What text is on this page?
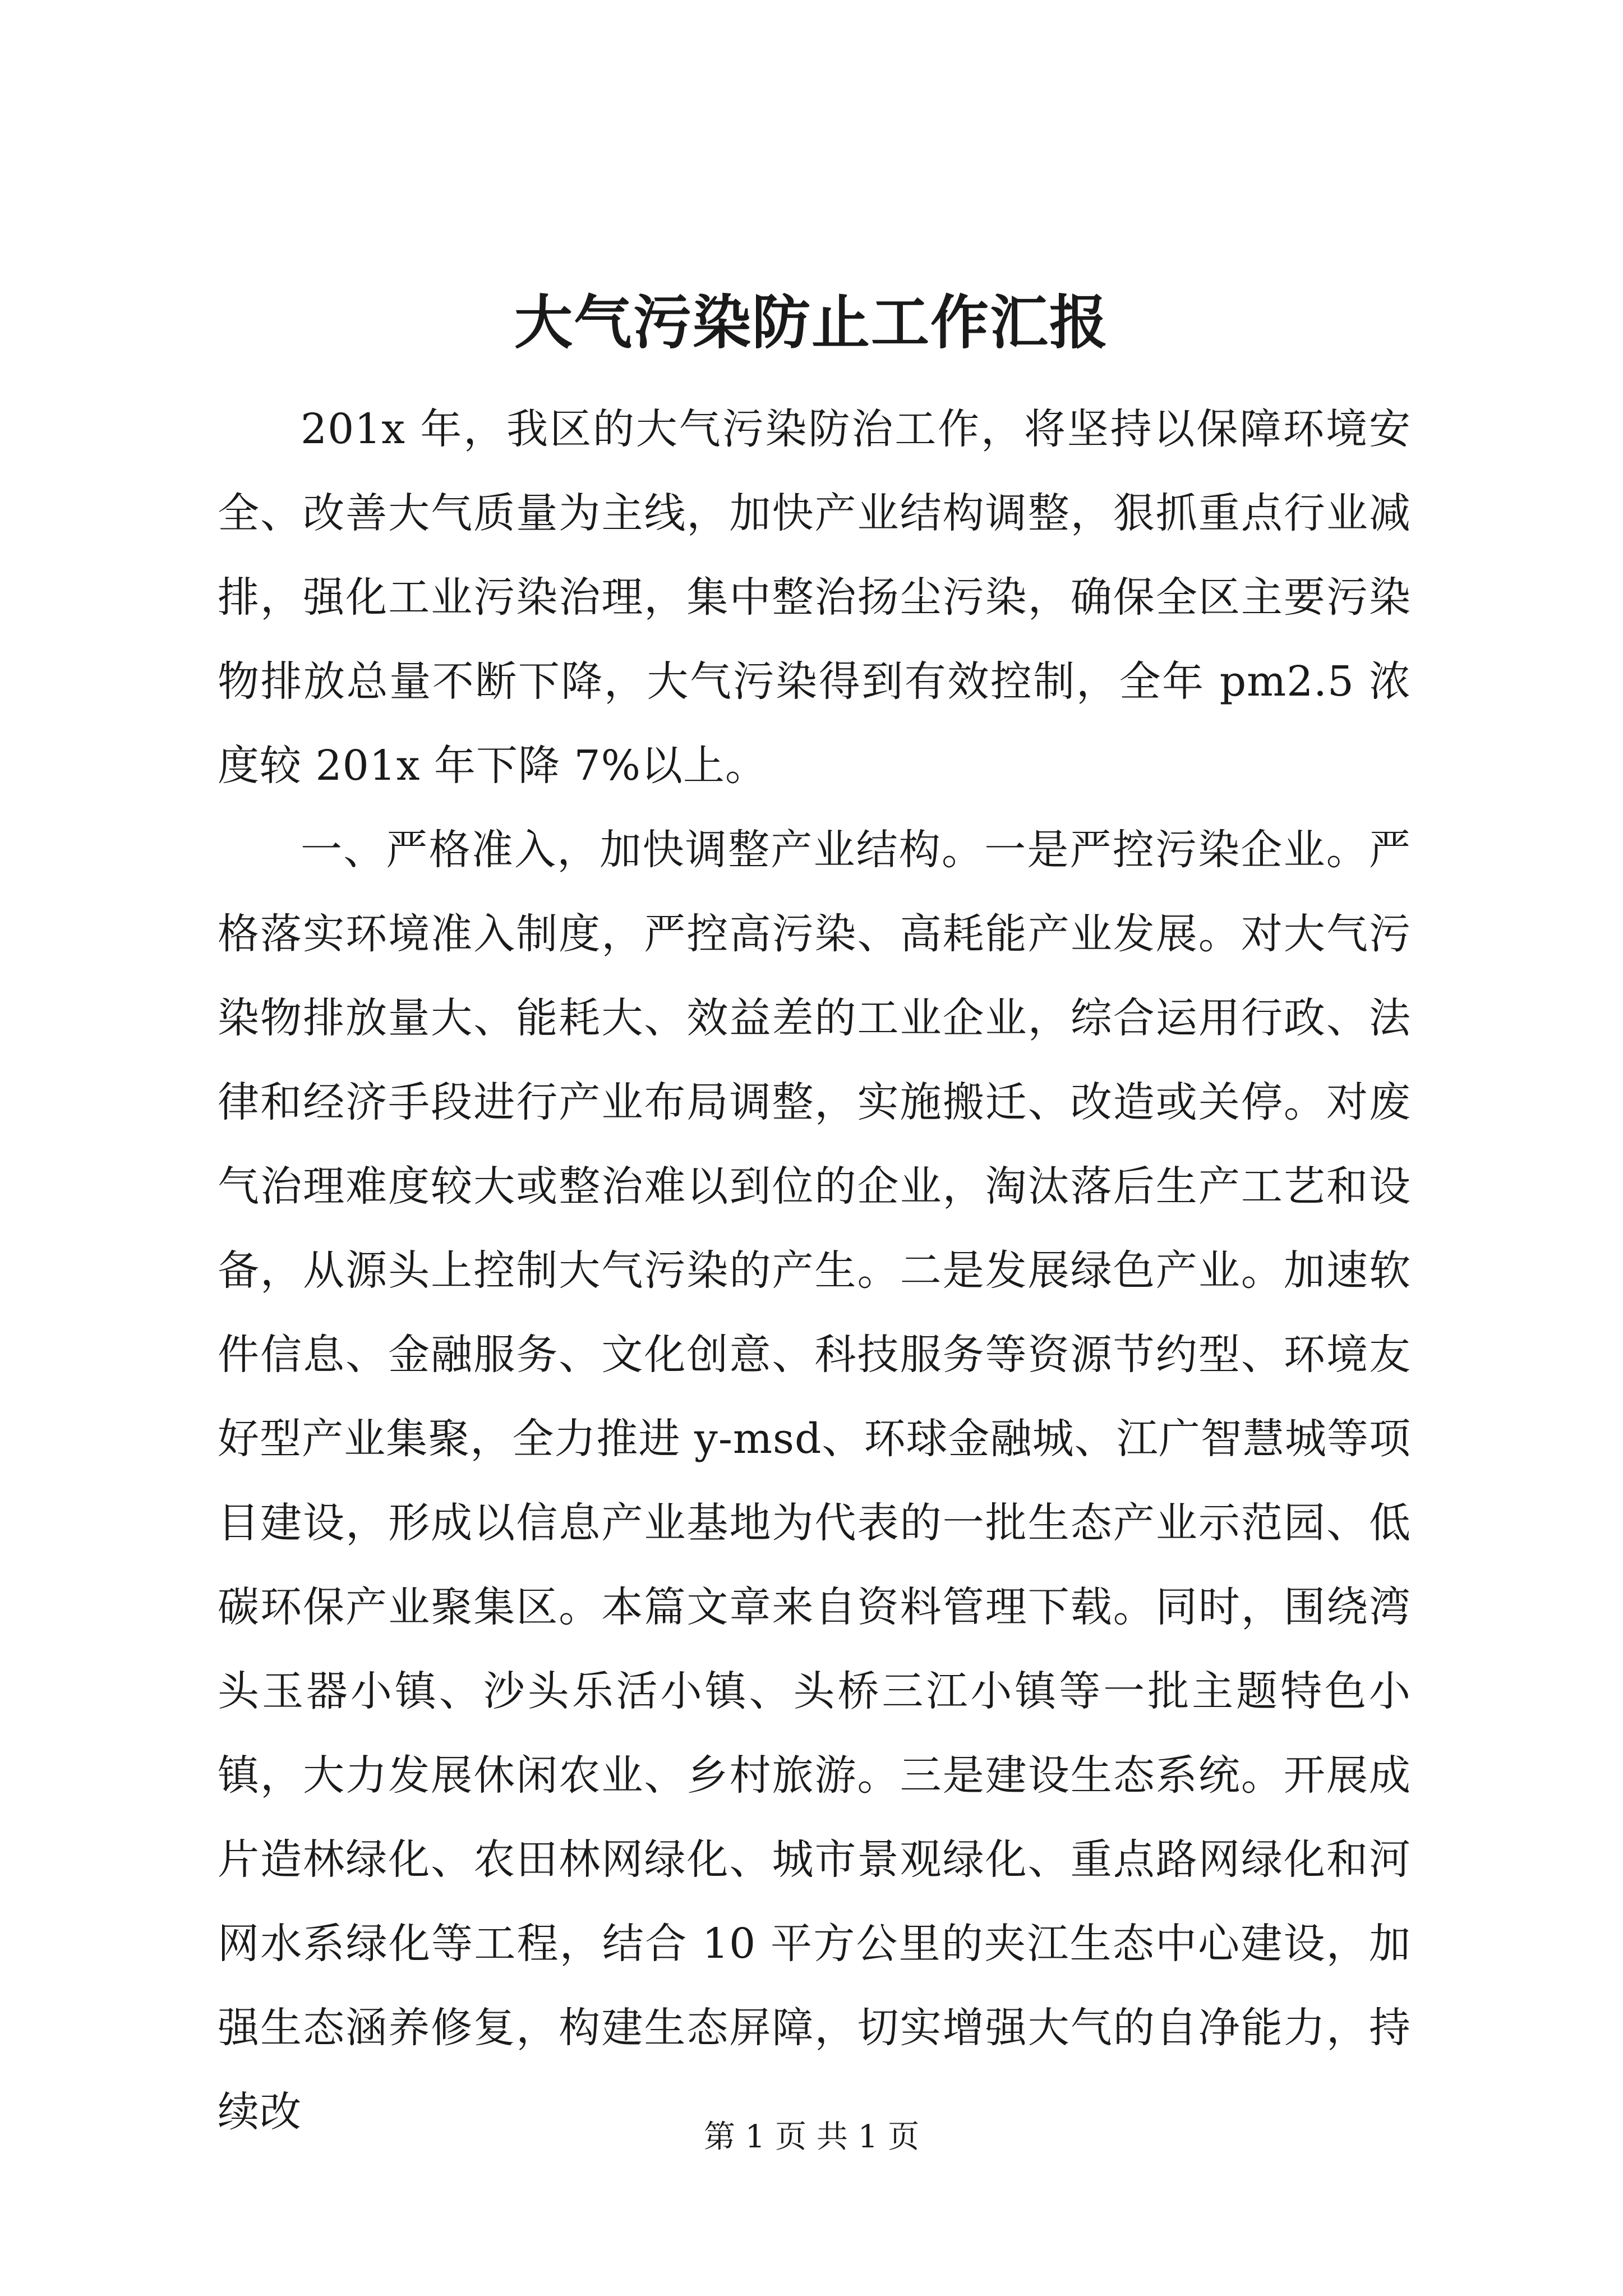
大气污染防止工作汇报

201x 年，我区的大气污染防治工作，将坚持以保障环境安全、改善大气质量为主线，加快产业结构调整，狠抓重点行业减排，强化工业污染治理，集中整治扬尘污染，确保全区主要污染物排放总量不断下降，大气污染得到有效控制，全年 pm2.5 浓度较 201x 年下降 7%以上。

一、严格准入，加快调整产业结构。一是严控污染企业。严格落实环境准入制度，严控高污染、高耗能产业发展。对大气污染物排放量大、能耗大、效益差的工业企业，综合运用行政、法律和经济手段进行产业布局调整，实施搬迁、改造或关停。对废气治理难度较大或整治难以到位的企业，淘汰落后生产工艺和设备，从源头上控制大气污染的产生。二是发展绿色产业。加速软件信息、金融服务、文化创意、科技服务等资源节约型、环境友好型产业集聚，全力推进 y-msd、环球金融城、江广智慧城等项目建设，形成以信息产业基地为代表的一批生态产业示范园、低碳环保产业聚集区。本篇文章来自资料管理下载。同时，围绕湾头玉器小镇、沙头乐活小镇、头桥三江小镇等一批主题特色小镇，大力发展休闲农业、乡村旅游。三是建设生态系统。开展成片造林绿化、农田林网绿化、城市景观绿化、重点路网绿化和河网水系绿化等工程，结合 10 平方公里的夹江生态中心建设，加强生态涵养修复，构建生态屏障，切实增强大气的自净能力，持续改

第 1 页 共 1 页
